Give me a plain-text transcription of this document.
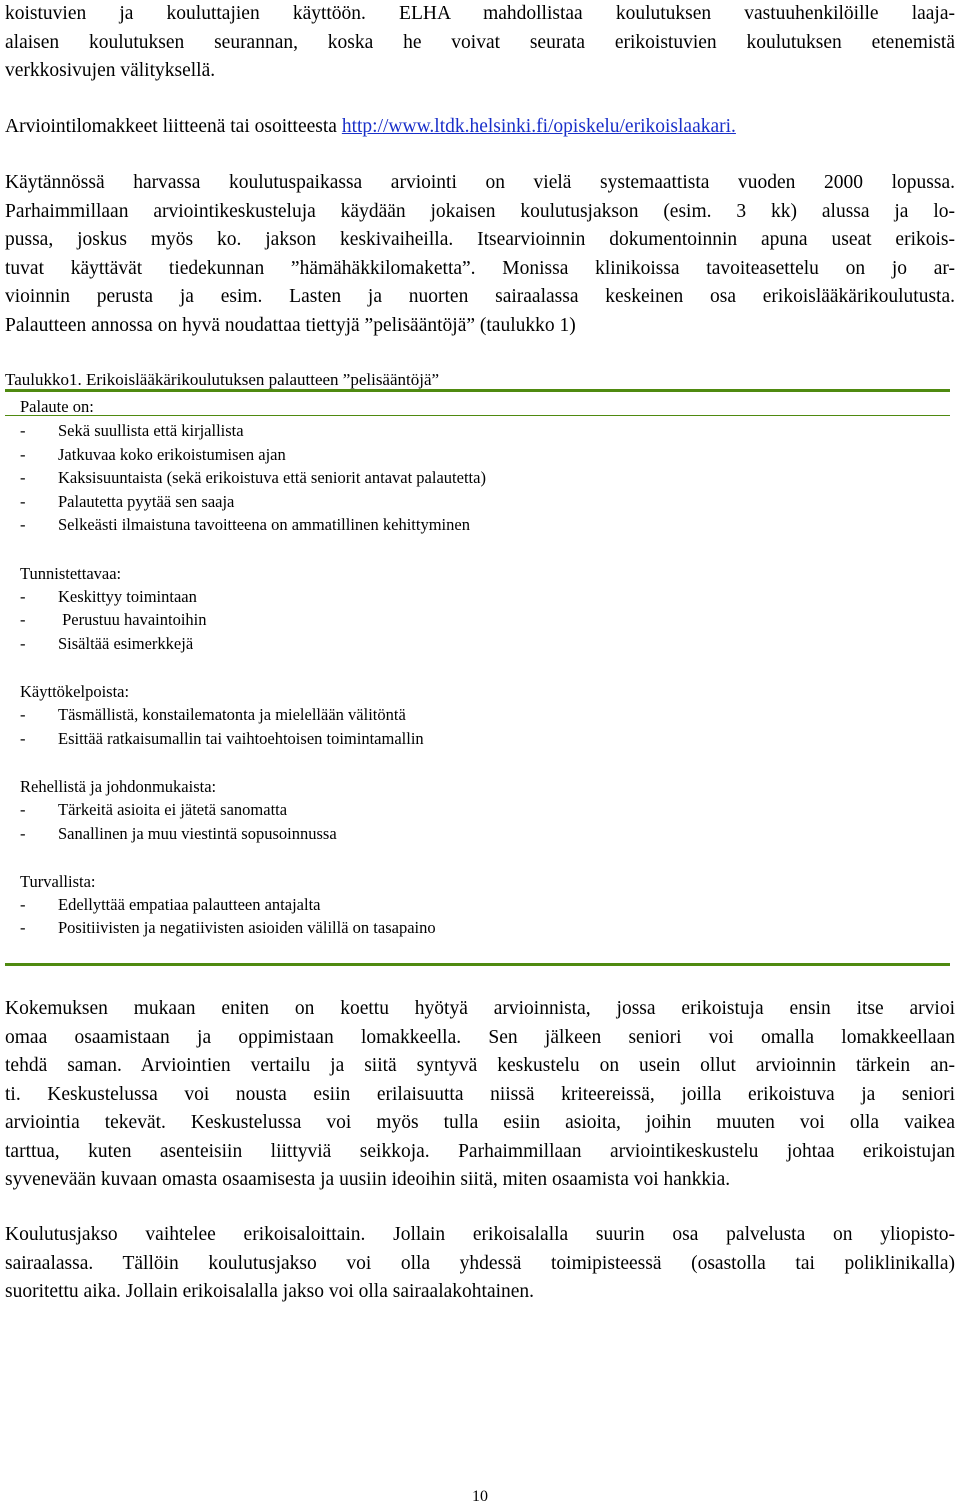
koistuvien ja kouluttajien käyttöön. ELHA mahdollistaa koulutuksen vastuuhenkilöille laaja-
alaisen koulutuksen seurannan, koska he voivat seurata erikoistuvien koulutuksen etenemistä
verkkosivujen välityksellä.

Arviointilomakkeet liitteenä tai osoitteesta http://www.ltdk.helsinki.fi/opiskelu/erikoislaakari.

Käytännössä harvassa koulutuspaikassa arviointi on vielä systemaattista vuoden 2000 lopussa.
Parhaimmillaan arviointikeskusteluja käydään jokaisen koulutusjakson (esim. 3 kk) alussa ja lo-
pussa, joskus myös ko. jakson keskivaiheilla. Itsearvioinnin dokumentoinnin apuna useat erikois-
tuvat käyttävät tiedekunnan ”hämähäkkilomaketta”. Monissa klinikoissa tavoiteasettelu on jo ar-
vioinnin perusta ja esim. Lasten ja nuorten sairaalassa keskeinen osa erikoislääkärikoulutusta.
Palautteen annossa on hyvä noudattaa tiettyjä ”pelisääntöjä” (taulukko 1)

Taulukko1. Erikoislääkärikoulutuksen palautteen ”pelisääntöjä”
Palaute on:
-	Sekä suullista että kirjallista
-	Jatkuvaa koko erikoistumisen ajan
-	Kaksisuuntaista (sekä erikoistuva että seniorit antavat palautetta)
-	Palautetta pyytää sen saaja
-	Selkeästi ilmaistuna tavoitteena on ammatillinen kehittyminen
Tunnistettavaa:
-	Keskittyy toimintaan
-	Perustuu havaintoihin
-	Sisältää esimerkkejä
Käyttökelpoista:
-	Täsmällistä, konstailematonta ja mielellään välitöntä
-	Esittää ratkaisumallin tai vaihtoehtoisen toimintamallin
Rehellistä ja johdonmukaista:
-	Tärkeitä asioita ei jätetä sanomatta
-	Sanallinen ja muu viestintä sopusoinnussa
Turvallista:
-	Edellyttää empatiaa palautteen antajalta
-	Positiivisten ja negatiivisten asioiden välillä on tasapaino

Kokemuksen mukaan eniten on koettu hyötyä arvioinnista, jossa erikoistuja ensin itse arvioi
omaa osaamistaan ja oppimistaan lomakkeella. Sen jälkeen seniori voi omalla lomakkeellaan
tehdä saman. Arviointien vertailu ja siitä syntyvä keskustelu on usein ollut arvioinnin tärkein an-
ti. Keskustelussa voi nousta esiin erilaisuutta niissä kriteereissä, joilla erikoistuva ja seniori
arviointia tekevät. Keskustelussa voi myös tulla esiin asioita, joihin muuten voi olla vaikea
tarttua, kuten asenteisiin liittyviä seikkoja. Parhaimmillaan arviointikeskustelu johtaa erikoistujan
syvenevään kuvaan omasta osaamisesta ja uusiin ideoihin siitä, miten osaamista voi hankkia.

Koulutusjakso vaihtelee erikoisaloittain. Jollain erikoisalalla suurin osa palvelusta on yliopisto-
sairaalassa. Tällöin koulutusjakso voi olla yhdessä toimipisteessä (osastolla tai poliklinikalla)
suoritettu aika. Jollain erikoisalalla jakso voi olla sairaalakohtainen.

10
